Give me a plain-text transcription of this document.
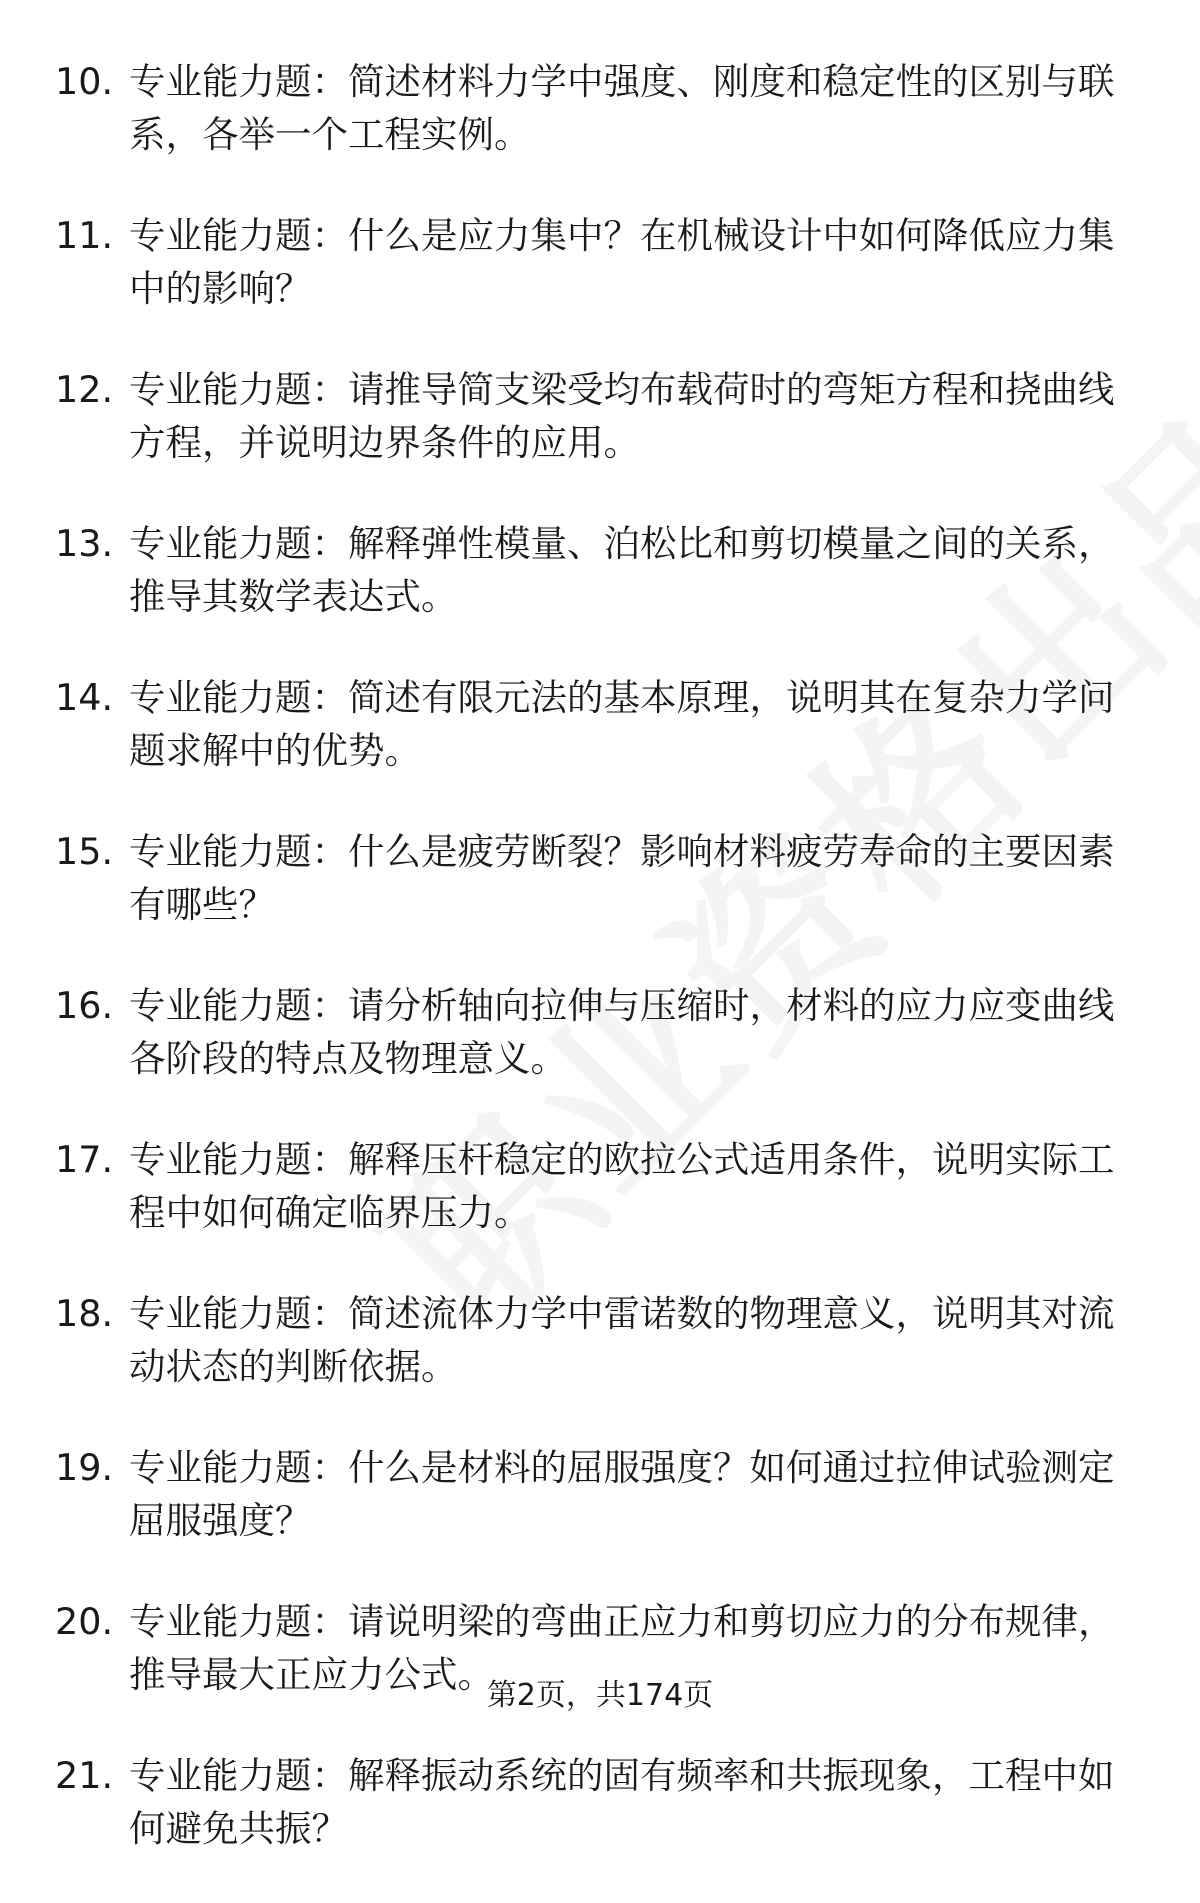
10. 专业能力题：简述材料力学中强度、刚度和稳定性的区别与联系，各举一个工程实例。
11. 专业能力题：什么是应力集中？在机械设计中如何降低应力集中的影响？
12. 专业能力题：请推导简支梁受均布载荷时的弯矩方程和挠曲线方程，并说明边界条件的应用。
13. 专业能力题：解释弹性模量、泊松比和剪切模量之间的关系，推导其数学表达式。
14. 专业能力题：简述有限元法的基本原理，说明其在复杂力学问题求解中的优势。
15. 专业能力题：什么是疲劳断裂？影响材料疲劳寿命的主要因素有哪些？
16. 专业能力题：请分析轴向拉伸与压缩时，材料的应力应变曲线各阶段的特点及物理意义。
17. 专业能力题：解释压杆稳定的欧拉公式适用条件，说明实际工程中如何确定临界压力。
18. 专业能力题：简述流体力学中雷诺数的物理意义，说明其对流动状态的判断依据。
19. 专业能力题：什么是材料的屈服强度？如何通过拉伸试验测定屈服强度？
20. 专业能力题：请说明梁的弯曲正应力和剪切应力的分布规律，推导最大正应力公式。
21. 专业能力题：解释振动系统的固有频率和共振现象，工程中如何避免共振？
第2页，共174页
